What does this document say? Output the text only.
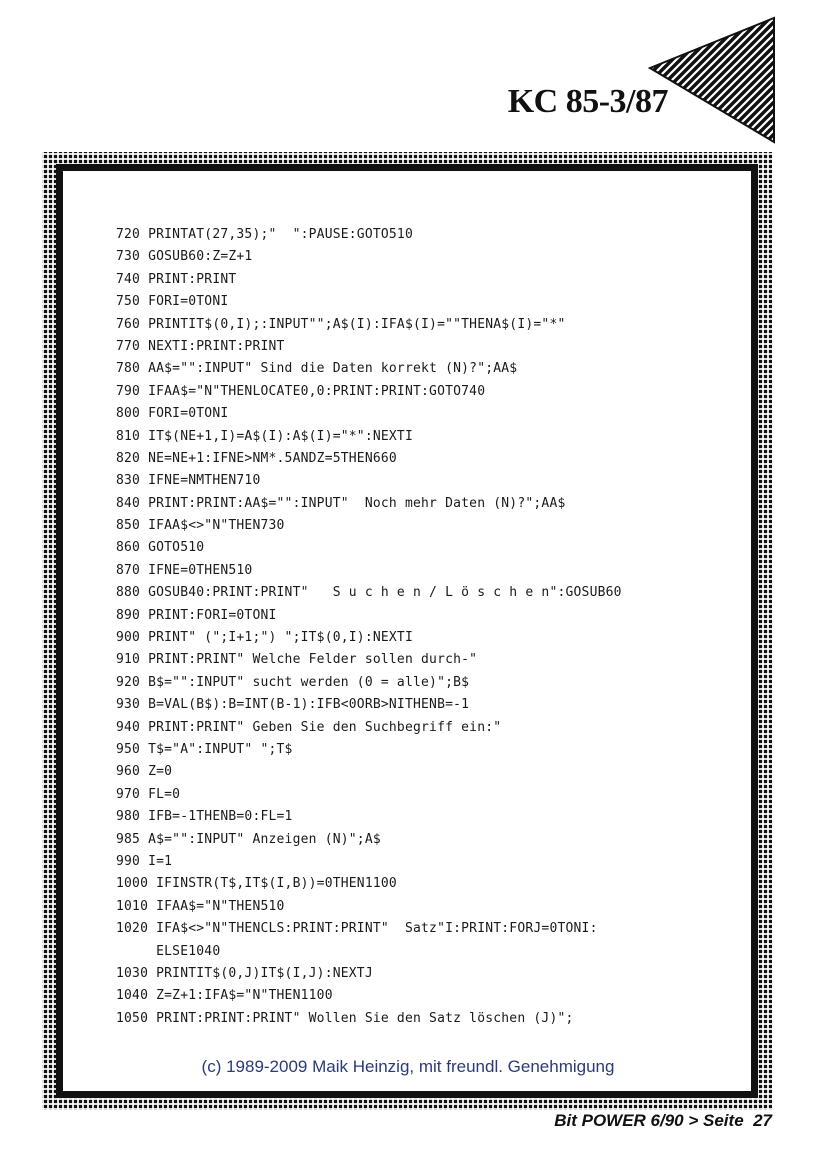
KC 85-3/87
720 PRINTAT(27,35);"  ":PAUSE:GOTO510
730 GOSUB60:Z=Z+1
740 PRINT:PRINT
750 FORI=0TONI
760 PRINTIT$(0,I);:INPUT"";A$(I):IFA$(I)=""THENA$(I)="*"
770 NEXTI:PRINT:PRINT
780 AA$="":INPUT" Sind die Daten korrekt (N)?";AA$
790 IFAA$="N"THENLOCATE0,0:PRINT:PRINT:GOTO740
800 FORI=0TONI
810 IT$(NE+1,I)=A$(I):A$(I)="*":NEXTI
820 NE=NE+1:IFNE>NM*.5ANDZ=5THEN660
830 IFNE=NMTHEN710
840 PRINT:PRINT:AA$="":INPUT"  Noch mehr Daten (N)?";AA$
850 IFAA$<>"N"THEN730
860 GOTO510
870 IFNE=0THEN510
880 GOSUB40:PRINT:PRINT"   S u c h e n / L ö s c h e n":GOSUB60
890 PRINT:FORI=0TONI
900 PRINT" (";I+1;") ";IT$(0,I):NEXTI
910 PRINT:PRINT" Welche Felder sollen durch-"
920 B$="":INPUT" sucht werden (0 = alle)";B$
930 B=VAL(B$):B=INT(B-1):IFB<0ORB>NITHENB=-1
940 PRINT:PRINT" Geben Sie den Suchbegriff ein:"
950 T$="A":INPUT" ";T$
960 Z=0
970 FL=0
980 IFB=-1THENB=0:FL=1
985 A$="":INPUT" Anzeigen (N)";A$
990 I=1
1000 IFINSTR(T$,IT$(I,B))=0THEN1100
1010 IFAA$="N"THEN510
1020 IFA$<>"N"THENCLS:PRINT:PRINT"  Satz"I:PRINT:FORJ=0TONI:
ELSE1040
1030 PRINTIT$(0,J)IT$(I,J):NEXTJ
1040 Z=Z+1:IFA$="N"THEN1100
1050 PRINT:PRINT:PRINT" Wollen Sie den Satz löschen (J)";
(c) 1989-2009 Maik Heinzig, mit freundl. Genehmigung
Bit POWER 6/90 > Seite  27
